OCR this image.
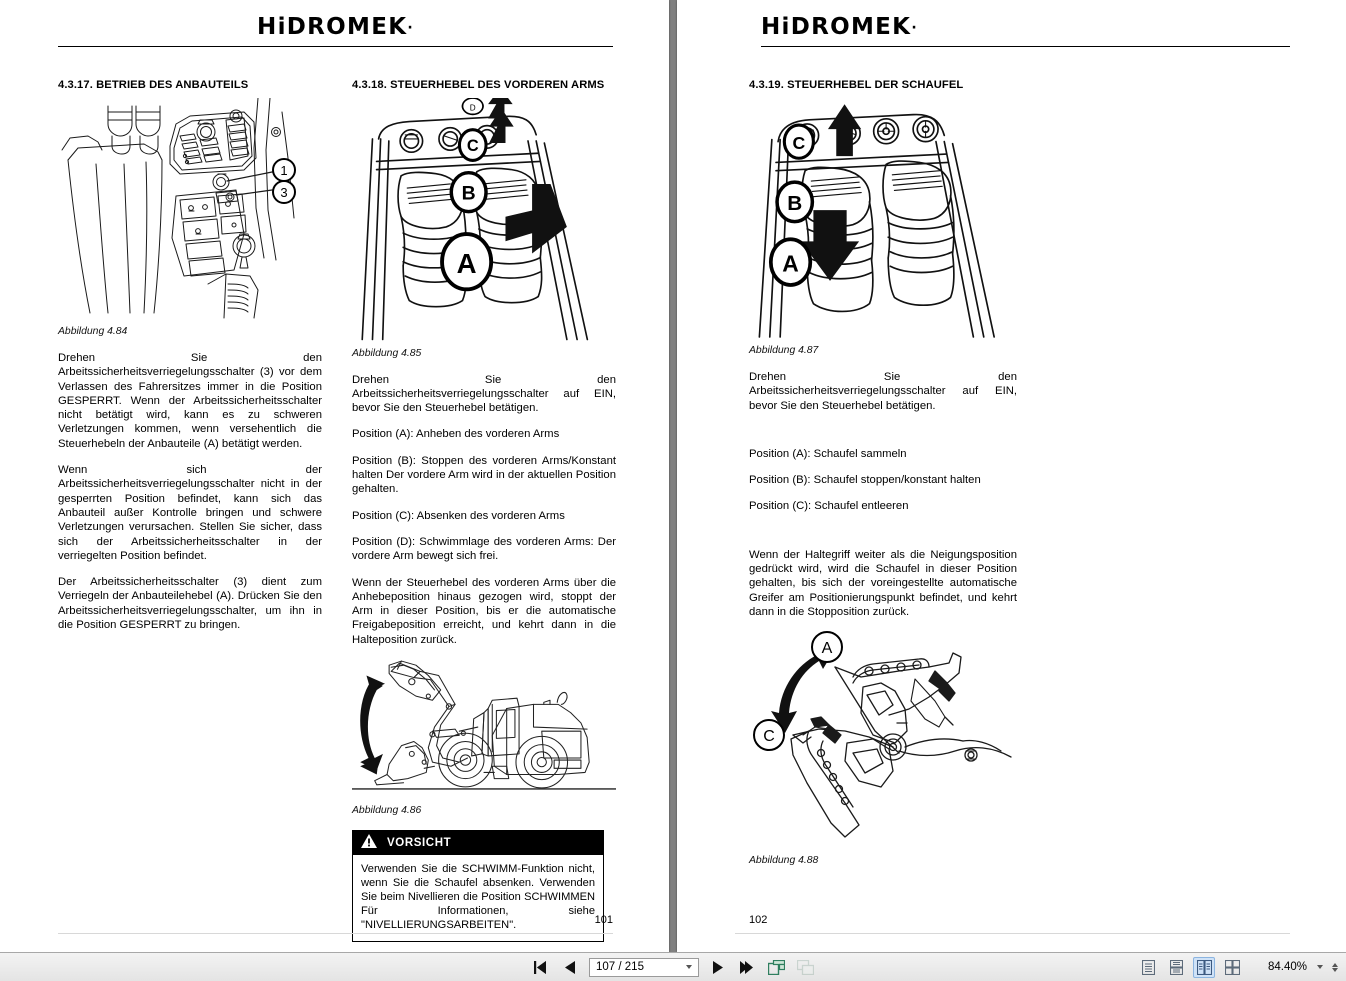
HiDROMEK·
4.3.17. BETRIEB DES ANBAUTEILS
1
3
Abbildung 4.84

Drehen Sie den Arbeitssicherheitsverriegelungsschalter (3) vor dem Verlassen des Fahrersitzes immer in die Position GESPERRT. Wenn der Arbeitssicherheitsschalter nicht betätigt wird, kann es zu schweren Verletzungen kommen, wenn versehentlich die Steuerhebeln der Anbauteile (A) betätigt werden.

Wenn sich der Arbeitssicherheitsverriegelungsschalter nicht in der gesperrten Position befindet, kann sich das Anbauteil außer Kontrolle bringen und schwere Verletzungen verursachen. Stellen Sie sicher, dass sich der Arbeitssicherheitsschalter in der verriegelten Position befindet.

Der Arbeitssicherheitsschalter (3) dient zum Verriegeln der Anbauteilehebel (A). Drücken Sie den Arbeitssicherheitsverriegelungsschalter, um ihn in die Position GESPERRT zu bringen.

4.3.18. STEUERHEBEL DES VORDEREN ARMS
C
B
A
D
Abbildung 4.85

Drehen Sie den Arbeitssicherheitsverriegelungsschalter auf EIN, bevor Sie den Steuerhebel betätigen.

Position (A): Anheben des vorderen Arms

Position (B): Stoppen des vorderen Arms/Konstant halten Der vordere Arm wird in der aktuellen Position gehalten.

Position (C): Absenken des vorderen Arms

Position (D): Schwimmlage des vorderen Arms: Der vordere Arm bewegt sich frei.

Wenn der Steuerhebel des vorderen Arms über die Anhebeposition hinaus gezogen wird, stoppt der Arm in dieser Position, bis er die automatische Freigabeposition erreicht, und kehrt dann in die Halteposition zurück.

Abbildung 4.86
VORSICHT
Verwenden Sie die SCHWIMM-Funktion nicht, wenn Sie die Schaufel absenken. Verwenden Sie beim Nivellieren die Position SCHWIMMEN Für Informationen, siehe "NIVELLIERUNGSARBEITEN".	101
HiDROMEK·
4.3.19. STEUERHEBEL DER SCHAUFEL
C
B
A
Abbildung 4.87

Drehen Sie den Arbeitssicherheitsverriegelungsschalter auf EIN, bevor Sie den Steuerhebel betätigen.

Position (A): Schaufel sammeln

Position (B): Schaufel stoppen/konstant halten

Position (C): Schaufel entleeren

Wenn der Haltegriff weiter als die Neigungsposition gedrückt wird, wird die Schaufel in dieser Position gehalten, bis sich der voreingestellte automatische Greifer am Positionierungspunkt befindet, und kehrt dann in die Stopposition zurück.

A
C
Abbildung 4.88
102
107 / 215	84.40%
